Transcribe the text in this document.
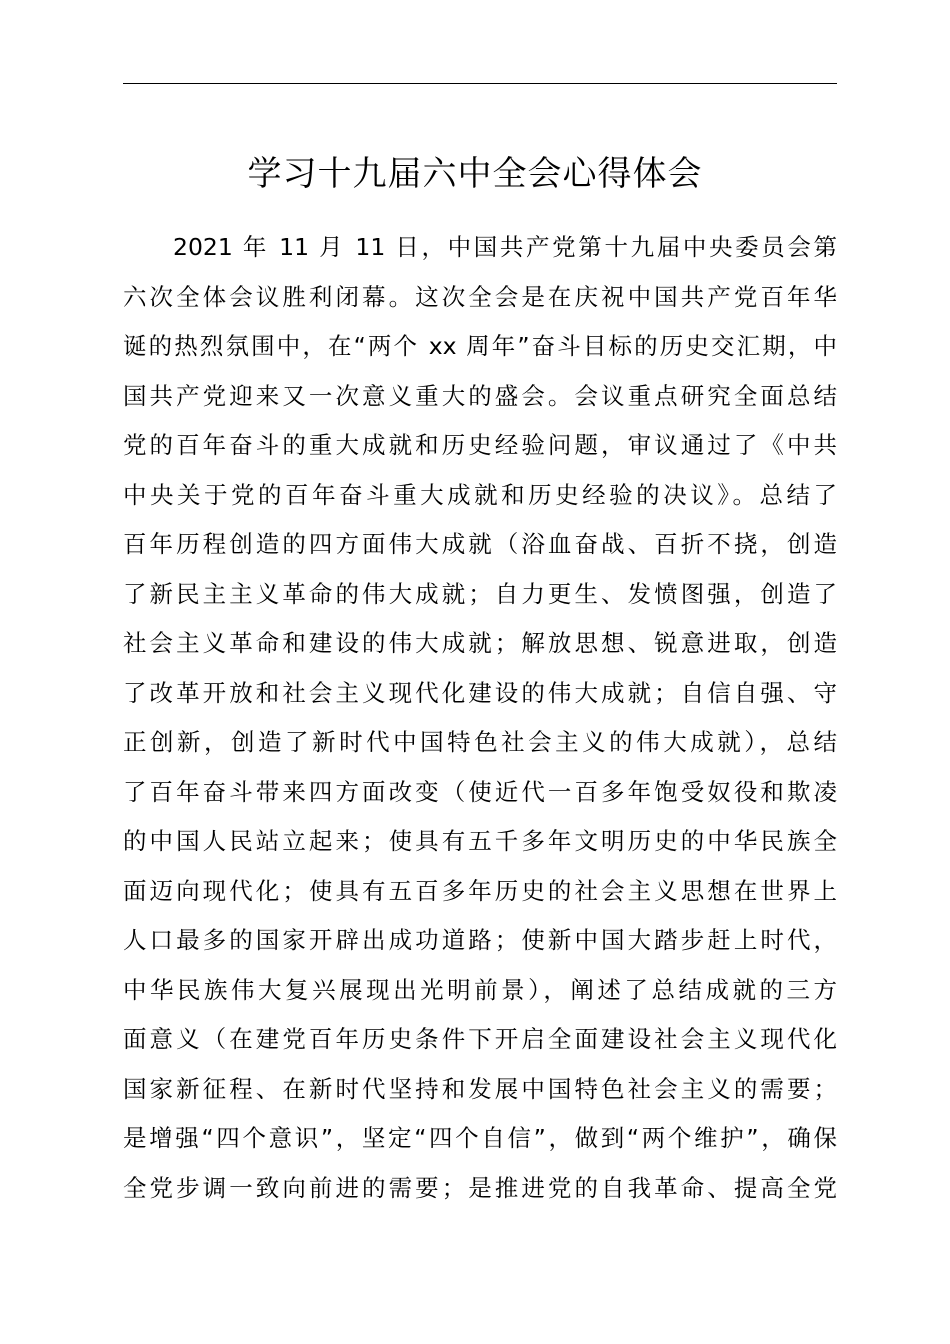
学习十九届六中全会心得体会
2021 年 11 月 11 日，中国共产党第十九届中央委员会第
六次全体会议胜利闭幕。这次全会是在庆祝中国共产党百年华
诞的热烈氛围中，在“两个 xx 周年”奋斗目标的历史交汇期，中
国共产党迎来又一次意义重大的盛会。会议重点研究全面总结
党的百年奋斗的重大成就和历史经验问题，审议通过了《中共
中央关于党的百年奋斗重大成就和历史经验的决议》。总结了
百年历程创造的四方面伟大成就（浴血奋战、百折不挠，创造
了新民主主义革命的伟大成就；自力更生、发愤图强，创造了
社会主义革命和建设的伟大成就；解放思想、锐意进取，创造
了改革开放和社会主义现代化建设的伟大成就；自信自强、守
正创新，创造了新时代中国特色社会主义的伟大成就），总结
了百年奋斗带来四方面改变（使近代一百多年饱受奴役和欺凌
的中国人民站立起来；使具有五千多年文明历史的中华民族全
面迈向现代化；使具有五百多年历史的社会主义思想在世界上
人口最多的国家开辟出成功道路；使新中国大踏步赶上时代，
中华民族伟大复兴展现出光明前景），阐述了总结成就的三方
面意义（在建党百年历史条件下开启全面建设社会主义现代化
国家新征程、在新时代坚持和发展中国特色社会主义的需要；
是增强“四个意识”，坚定“四个自信”，做到“两个维护”，确保
全党步调一致向前进的需要；是推进党的自我革命、提高全党
